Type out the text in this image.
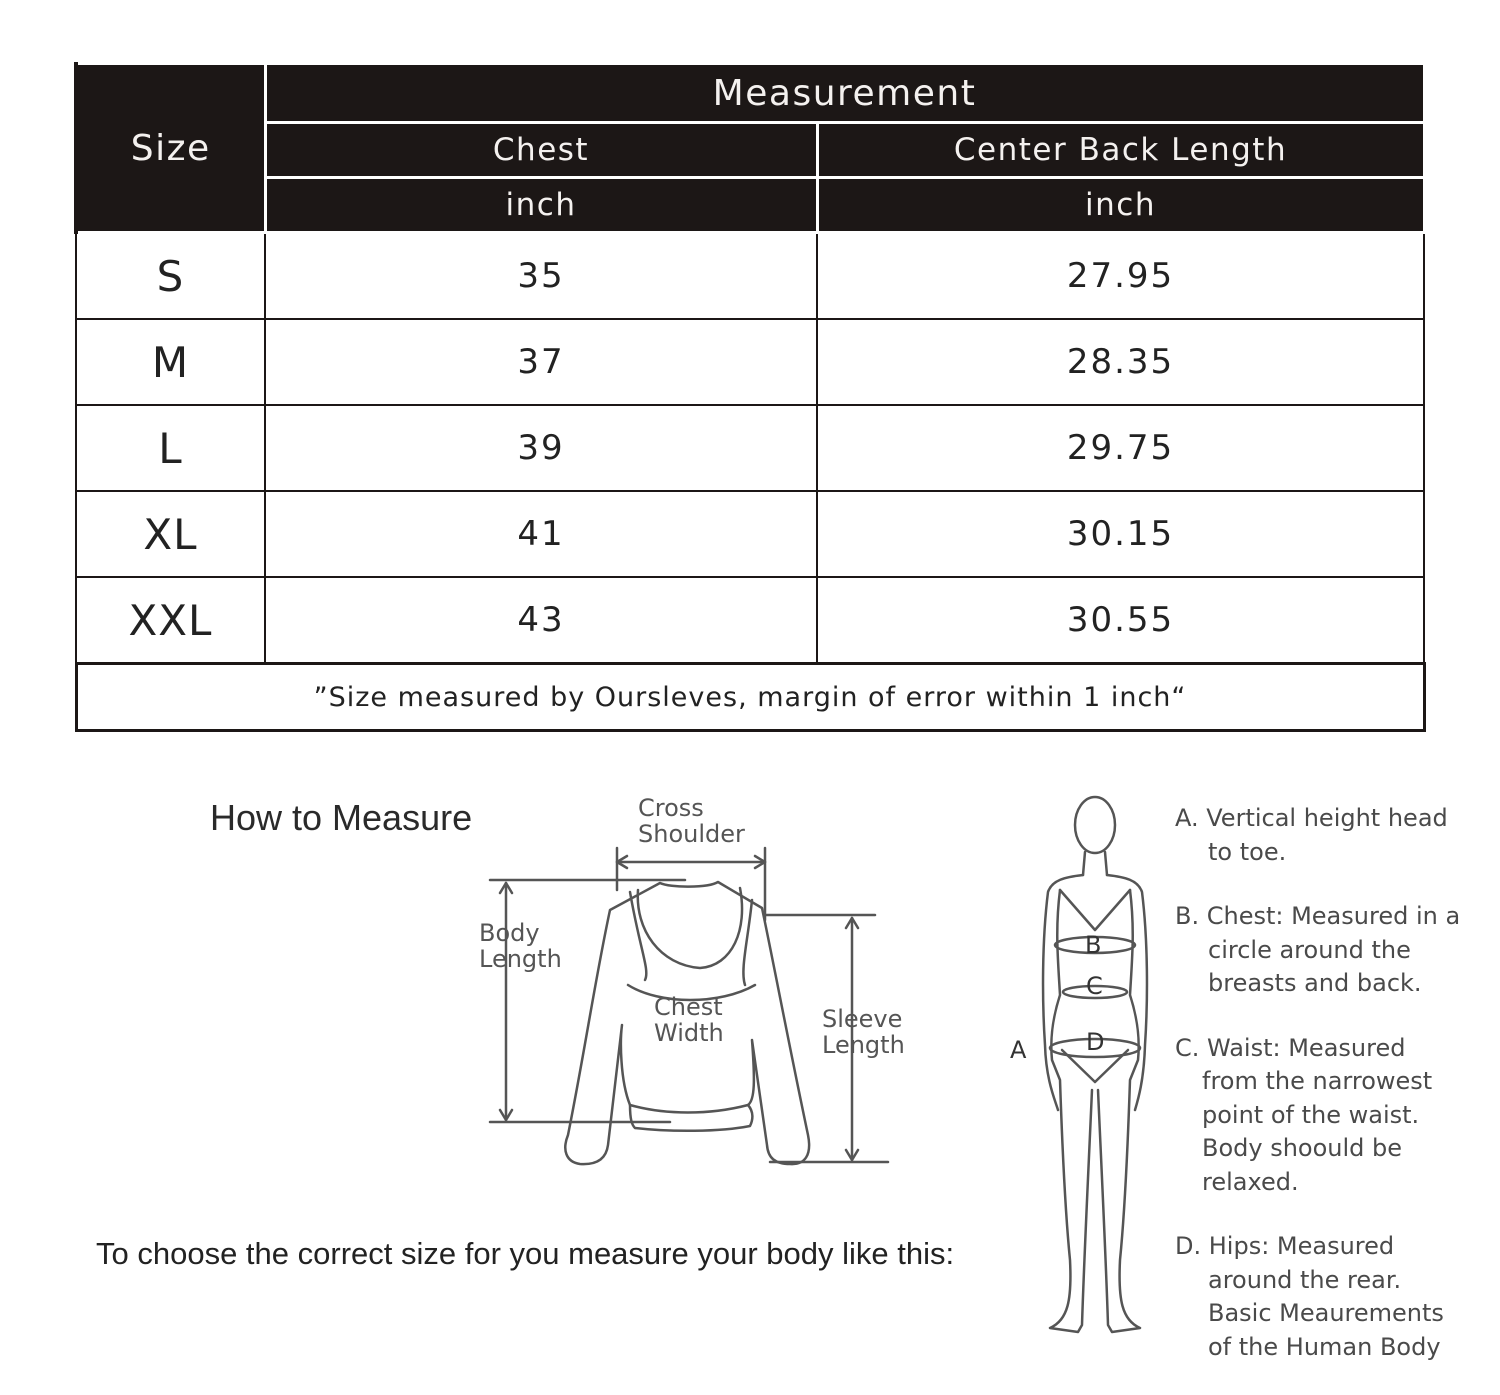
Size	Measurement	
	Chest	Center Back Length
	inch	inch
S	35	27.95
M	37	28.35
L	39	29.75
XL	41	30.15
XXL	43	30.55
”Size measured by Oursleves, margin of error within 1 inch“		
How to Measure	Cross
Shoulder
Body
Length
Chest
Width	Sleeve
Length
B
C
D
A
A. Vertical height head
to toe.
B. Chest: Measured in a
circle around the
breasts and back.
C. Waist: Measured
from the narrowest
point of the waist.
Body shoould be
relaxed.
D. Hips: Measured
around the rear.
Basic Meaurements
of the Human Body
To choose the correct size for you measure your body like this:
